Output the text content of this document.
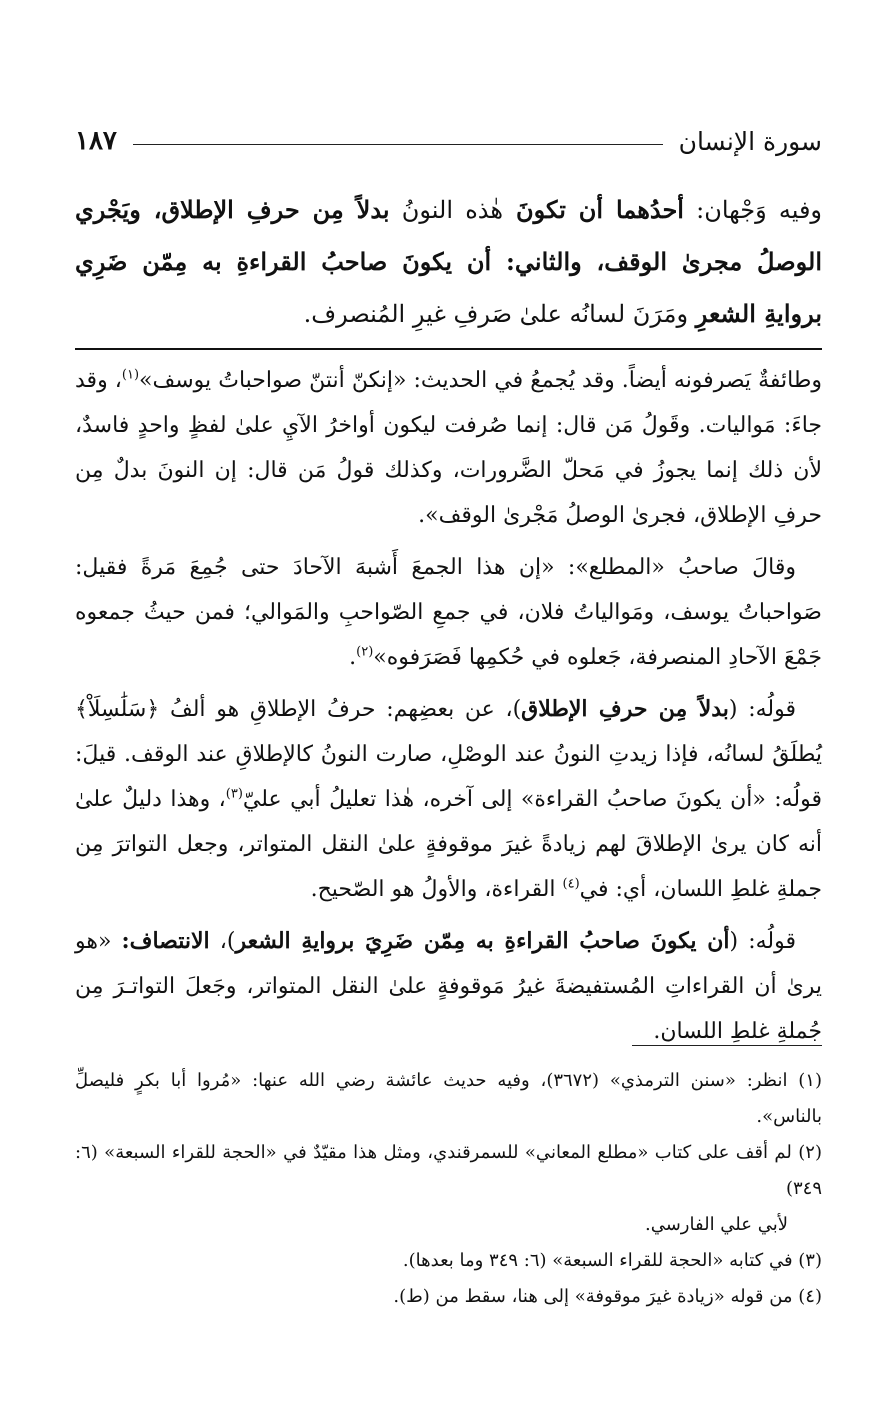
سورة الإنسان
١٨٧

وفيه وَجْهان: أحدُهما أن تكونَ هٰذه النونُ بدلاً مِن حرفِ الإطلاق، ويَجْري الوصلُ مجرىٰ الوقف، والثاني: أن يكونَ صاحبُ القراءةِ به مِمّن ضَرِي بروايةِ الشعرِ ومَرَنَ لسانُه علىٰ صَرفِ غيرِ المُنصرف.

وطائفةٌ يَصرفونه أيضاً. وقد يُجمعُ في الحديث: «إنكنّ أنتنّ صواحباتُ يوسف»$^{(١)}$، وقد جاءَ: مَواليات. وقَولُ مَن قال: إنما صُرفت ليكون أواخرُ الآيِ علىٰ لفظٍ واحدٍ فاسدٌ، لأن ذلك إنما يجوزُ في مَحلّ الضَّرورات، وكذلك قولُ مَن قال: إن النونَ بدلٌ مِن حرفِ الإطلاق، فجرىٰ الوصلُ مَجْرىٰ الوقف».

وقالَ صاحبُ «المطلع»: «إن هذا الجمعَ أَشبهَ الآحادَ حتى جُمِعَ مَرةً فقيل: صَواحباتُ يوسف، ومَوالياتُ فلان، في جمعِ الصّواحبِ والمَوالي؛ فمن حيثُ جمعوه جَمْعَ الآحادِ المنصرفة، جَعلوه في حُكمِها فَصَرَفوه»$^{(٢)}$.

قولُه: (بدلاً مِن حرفِ الإطلاق)، عن بعضِهم: حرفُ الإطلاقِ هو ألفُ ﴿سَلَٰسِلَاْ﴾ يُطلَقُ لسانُه، فإذا زيدتِ النونُ عند الوصْلِ، صارت النونُ كالإطلاقِ عند الوقف. قيلَ: قولُه: «أن يكونَ صاحبُ القراءة» إلى آخره، هٰذا تعليلُ أبي عليّ$^{(٣)}$، وهذا دليلٌ علىٰ أنه كان يرىٰ الإطلاقَ لهم زيادةً غيرَ موقوفةٍ علىٰ النقل المتواتر، وجعل التواترَ مِن جملةِ غلطِ اللسان، أي: في$^{(٤)}$ القراءة، والأولُ هو الصّحيح.

قولُه: (أن يكونَ صاحبُ القراءةِ به مِمّن ضَرِيَ بروايةِ الشعر)، الانتصاف: «هو يرىٰ أن القراءاتِ المُستفيضةَ غيرُ مَوقوفةٍ علىٰ النقل المتواتر، وجَعلَ التواتـرَ مِن جُملةِ غلطِ اللسان.

(١) انظر: «سنن الترمذي» (٣٦٧٢)، وفيه حديث عائشة رضي الله عنها: «مُروا أبا بكرٍ فليصلِّ بالناس».

(٢) لم أقف على كتاب «مطلع المعاني» للسمرقندي، ومثل هذا مقيّدٌ في «الحجة للقراء السبعة» (٦: ٣٤٩)

لأبي علي الفارسي.

(٣) في كتابه «الحجة للقراء السبعة» (٦: ٣٤٩ وما بعدها).

(٤) من قوله «زيادة غيرَ موقوفة» إلى هنا، سقط من (ط).
